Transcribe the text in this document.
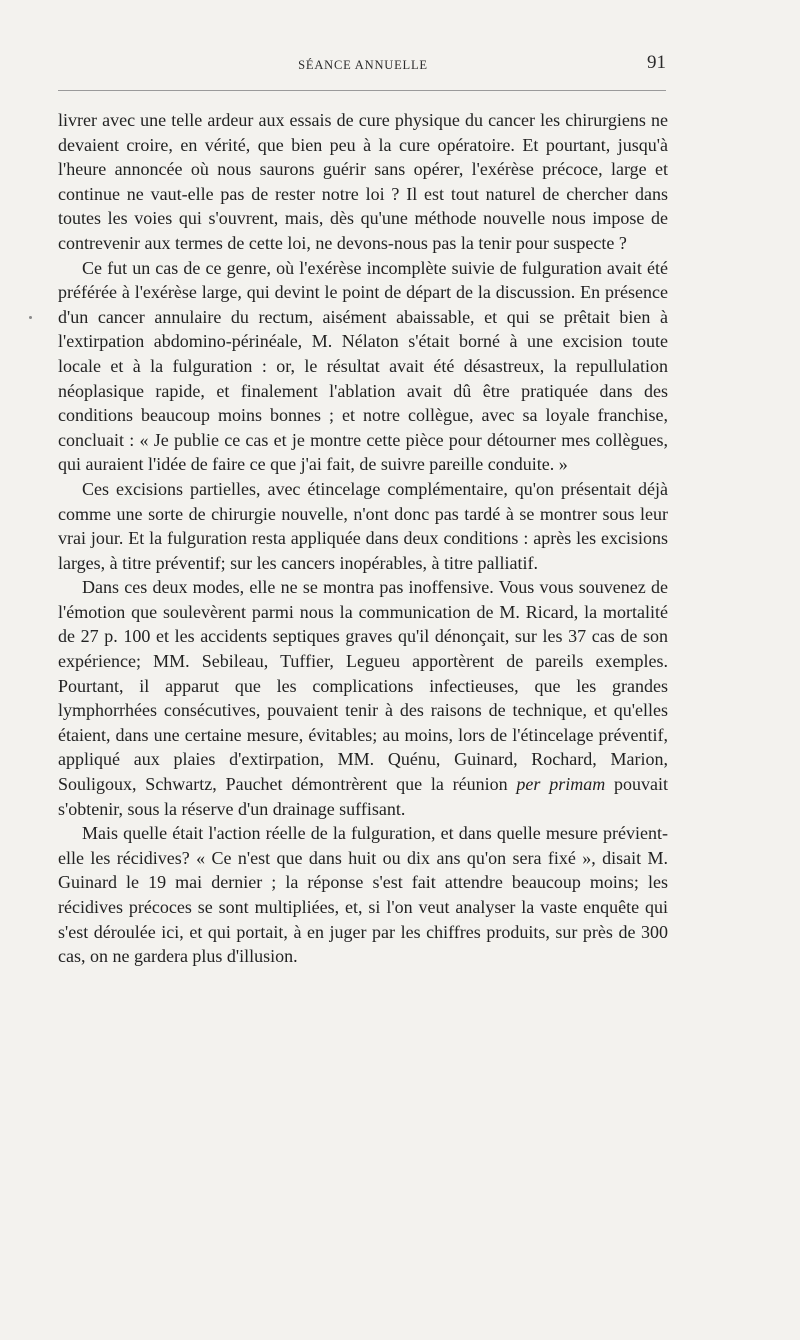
SÉANCE ANNUELLE	91

livrer avec une telle ardeur aux essais de cure physique du cancer les chirurgiens ne devaient croire, en vérité, que bien peu à la cure opératoire. Et pourtant, jusqu'à l'heure annoncée où nous saurons guérir sans opérer, l'exérèse précoce, large et continue ne vaut-elle pas de rester notre loi ? Il est tout naturel de chercher dans toutes les voies qui s'ouvrent, mais, dès qu'une méthode nouvelle nous impose de contrevenir aux termes de cette loi, ne devons-nous pas la tenir pour suspecte ?

Ce fut un cas de ce genre, où l'exérèse incomplète suivie de fulguration avait été préférée à l'exérèse large, qui devint le point de départ de la discussion. En présence d'un cancer annulaire du rectum, aisément abaissable, et qui se prêtait bien à l'extirpation abdomino-périnéale, M. Nélaton s'était borné à une excision toute locale et à la fulguration : or, le résultat avait été désastreux, la repullulation néoplasique rapide, et finalement l'ablation avait dû être pratiquée dans des conditions beaucoup moins bonnes ; et notre collègue, avec sa loyale franchise, concluait : « Je publie ce cas et je montre cette pièce pour détourner mes collègues, qui auraient l'idée de faire ce que j'ai fait, de suivre pareille conduite. »

Ces excisions partielles, avec étincelage complémentaire, qu'on présentait déjà comme une sorte de chirurgie nouvelle, n'ont donc pas tardé à se montrer sous leur vrai jour. Et la fulguration resta appliquée dans deux conditions : après les excisions larges, à titre préventif; sur les cancers inopérables, à titre palliatif.

Dans ces deux modes, elle ne se montra pas inoffensive. Vous vous souvenez de l'émotion que soulevèrent parmi nous la communication de M. Ricard, la mortalité de 27 p. 100 et les accidents septiques graves qu'il dénonçait, sur les 37 cas de son expérience; MM. Sebileau, Tuffier, Legueu apportèrent de pareils exemples. Pourtant, il apparut que les complications infectieuses, que les grandes lymphorrhées consécutives, pouvaient tenir à des raisons de technique, et qu'elles étaient, dans une certaine mesure, évitables; au moins, lors de l'étincelage préventif, appliqué aux plaies d'extirpation, MM. Quénu, Guinard, Rochard, Marion, Souligoux, Schwartz, Pauchet démontrèrent que la réunion per primam pouvait s'obtenir, sous la réserve d'un drainage suffisant.

Mais quelle était l'action réelle de la fulguration, et dans quelle mesure prévient-elle les récidives? « Ce n'est que dans huit ou dix ans qu'on sera fixé », disait M. Guinard le 19 mai dernier ; la réponse s'est fait attendre beaucoup moins; les récidives précoces se sont multipliées, et, si l'on veut analyser la vaste enquête qui s'est déroulée ici, et qui portait, à en juger par les chiffres produits, sur près de 300 cas, on ne gardera plus d'illusion.
